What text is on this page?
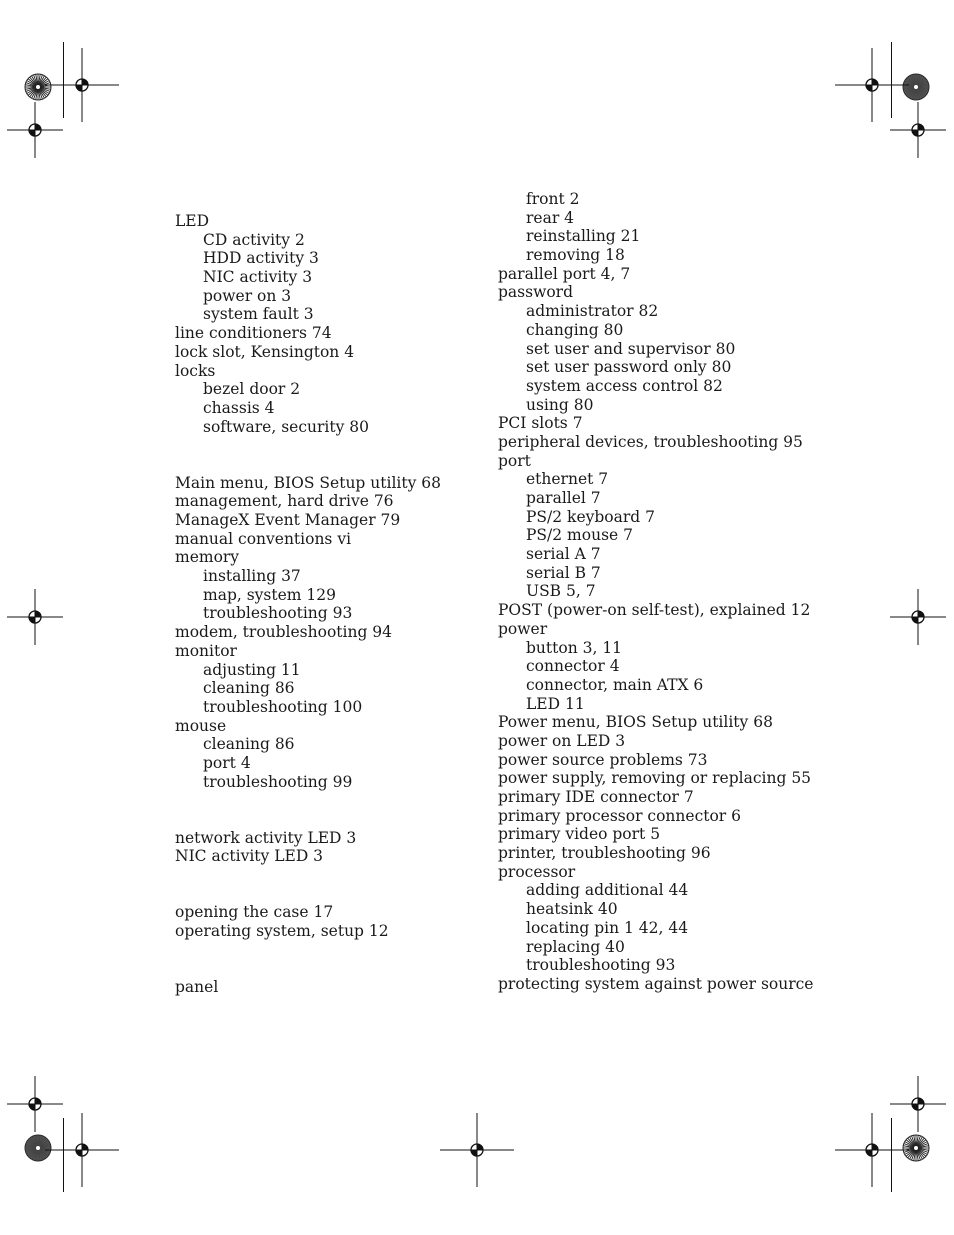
LED
CD activity 2
HDD activity 3
NIC activity 3
power on 3
system fault 3
line conditioners 74
lock slot, Kensington 4
locks
bezel door 2
chassis 4
software, security 80
Main menu, BIOS Setup utility 68
management, hard drive 76
ManageX Event Manager 79
manual conventions vi
memory
installing 37
map, system 129
troubleshooting 93
modem, troubleshooting 94
monitor
adjusting 11
cleaning 86
troubleshooting 100
mouse
cleaning 86
port 4
troubleshooting 99
network activity LED 3
NIC activity LED 3
opening the case 17
operating system, setup 12
panel
front 2
rear 4
reinstalling 21
removing 18
parallel port 4, 7
password
administrator 82
changing 80
set user and supervisor 80
set user password only 80
system access control 82
using 80
PCI slots 7
peripheral devices, troubleshooting 95
port
ethernet 7
parallel 7
PS/2 keyboard 7
PS/2 mouse 7
serial A 7
serial B 7
USB 5, 7
POST (power-on self-test), explained 12
power
button 3, 11
connector 4
connector, main ATX 6
LED 11
Power menu, BIOS Setup utility 68
power on LED 3
power source problems 73
power supply, removing or replacing 55
primary IDE connector 7
primary processor connector 6
primary video port 5
printer, troubleshooting 96
processor
adding additional 44
heatsink 40
locating pin 1 42, 44
replacing 40
troubleshooting 93
protecting system against power source
